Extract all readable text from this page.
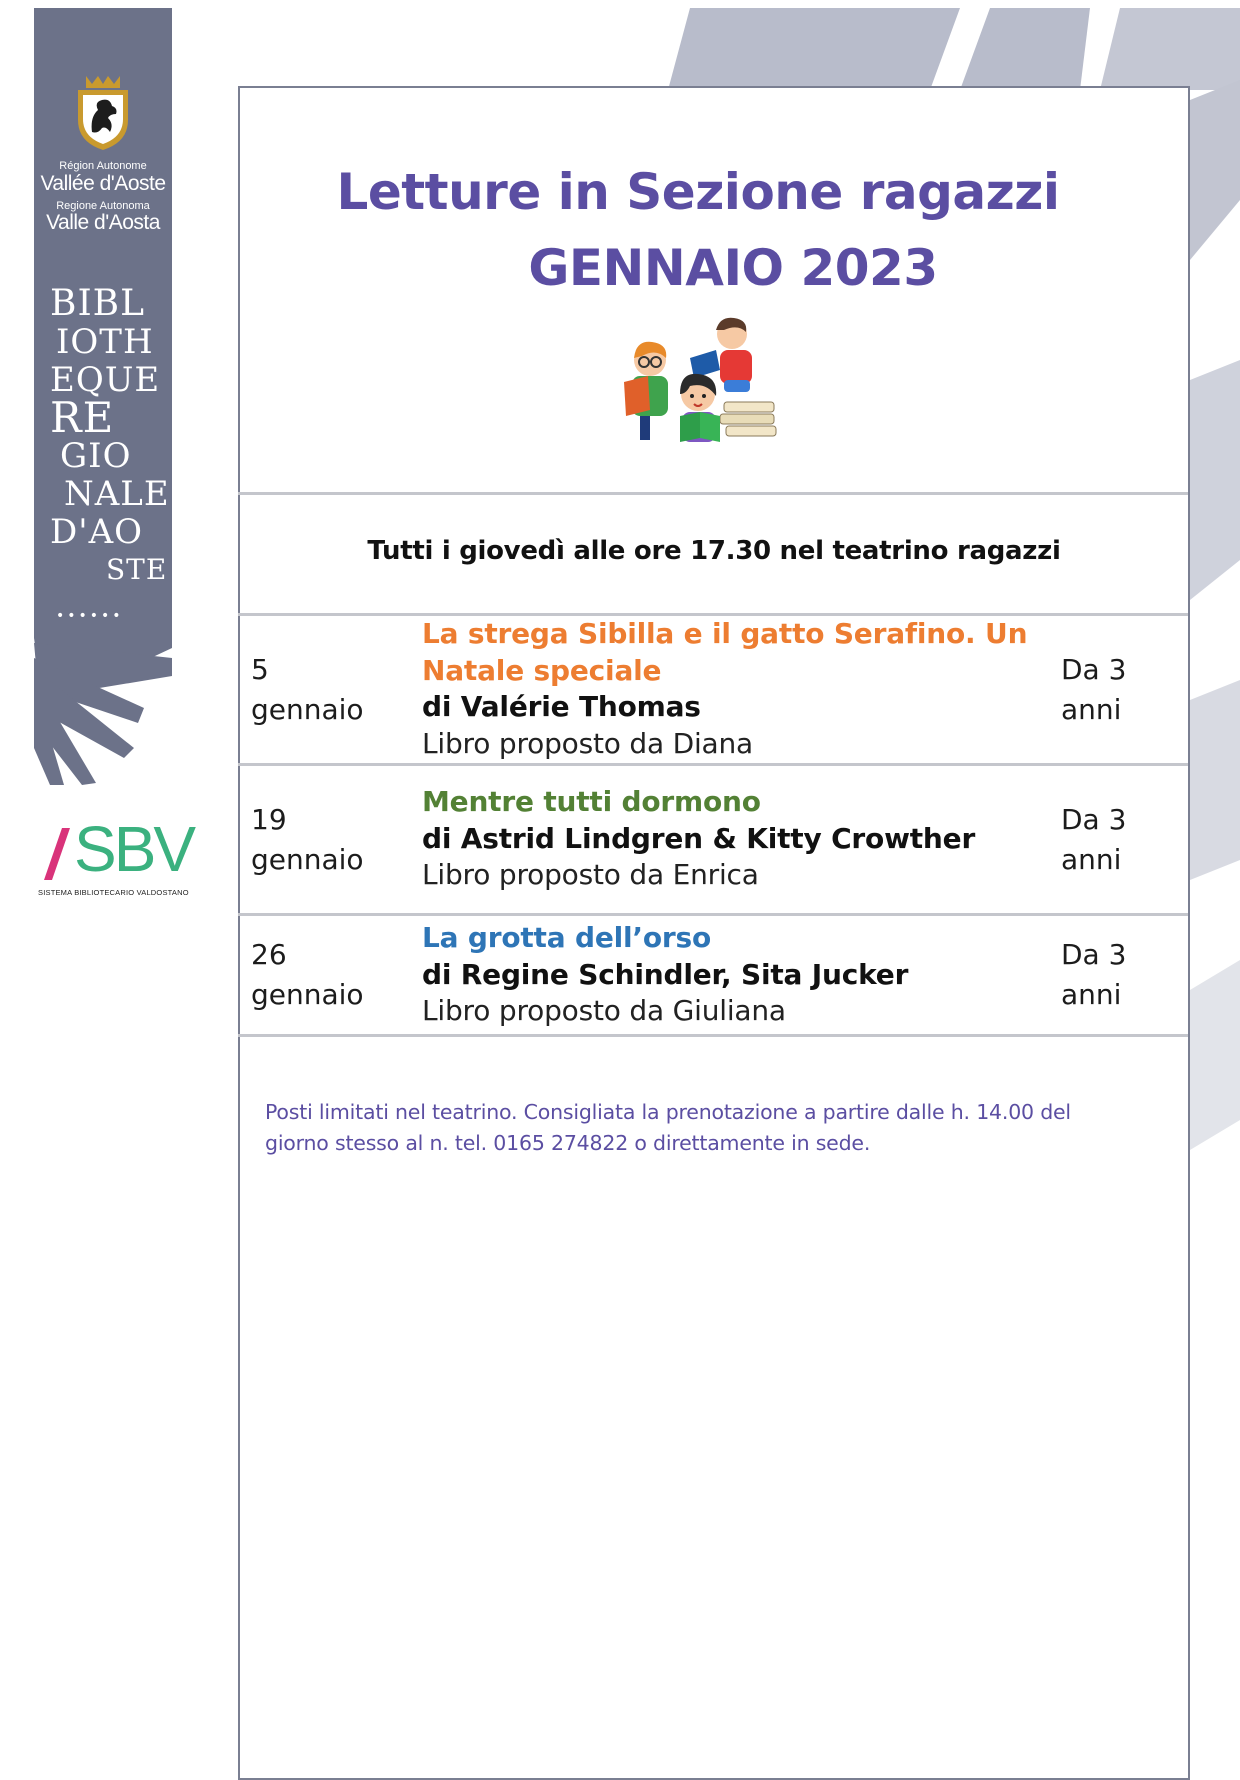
Région Autonome
Vallée d'Aoste
Regione Autonoma
Valle d'Aosta
BIBL
IOTH
EQUE
RE
GIO
NALE
D'AO
STE
••••••
SBV
SISTEMA BIBLIOTECARIO VALDOSTANO
Letture in Sezione ragazzi
GENNAIO 2023
Tutti i giovedì alle ore 17.30 nel teatrino ragazzi
5
gennaio
La strega Sibilla e il gatto Serafino. Un Natale speciale
di Valérie Thomas
Libro proposto da Diana
Da 3
anni
19
gennaio
Mentre tutti dormono
di Astrid Lindgren & Kitty Crowther
Libro proposto da Enrica
Da 3
anni
26
gennaio
La grotta dell’orso
di Regine Schindler, Sita Jucker
Libro proposto da Giuliana
Da 3
anni
Posti limitati nel teatrino. Consigliata la prenotazione a partire dalle h. 14.00 del
giorno stesso al n. tel. 0165 274822 o direttamente in sede.
